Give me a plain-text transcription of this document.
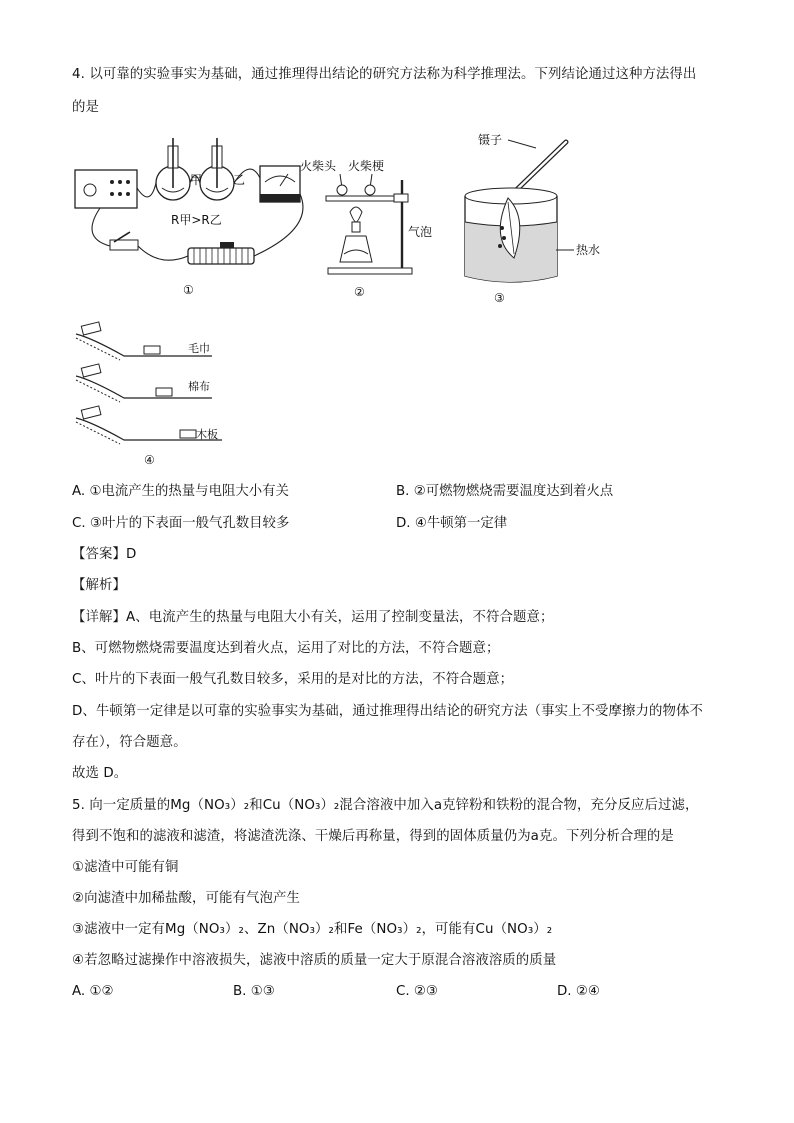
4. 以可靠的实验事实为基础，通过推理得出结论的研究方法称为科学推理法。下列结论通过这种方法得出
的是
甲	乙
R甲>R乙
①
火柴头 火柴梗
②
镊子
气泡
热水
③
毛巾
棉布
木板
④
A. ①电流产生的热量与电阻大小有关	B. ②可燃物燃烧需要温度达到着火点
C. ③叶片的下表面一般气孔数目较多	D. ④牛顿第一定律
【答案】D
【解析】
【详解】A、电流产生的热量与电阻大小有关，运用了控制变量法，不符合题意；
B、可燃物燃烧需要温度达到着火点，运用了对比的方法，不符合题意；
C、叶片的下表面一般气孔数目较多，采用的是对比的方法，不符合题意；
D、牛顿第一定律是以可靠的实验事实为基础，通过推理得出结论的研究方法（事实上不受摩擦力的物体不
存在），符合题意。
故选 D。
5. 向一定质量的Mg（NO₃）₂和Cu（NO₃）₂混合溶液中加入a克锌粉和铁粉的混合物，充分反应后过滤，
得到不饱和的滤液和滤渣，将滤渣洗涤、干燥后再称量，得到的固体质量仍为a克。下列分析合理的是
①滤渣中可能有铜
②向滤渣中加稀盐酸，可能有气泡产生
③滤液中一定有Mg（NO₃）₂、Zn（NO₃）₂和Fe（NO₃）₂，可能有Cu（NO₃）₂
④若忽略过滤操作中溶液损失，滤液中溶质的质量一定大于原混合溶液溶质的质量
A. ①②	B. ①③	C. ②③	D. ②④
